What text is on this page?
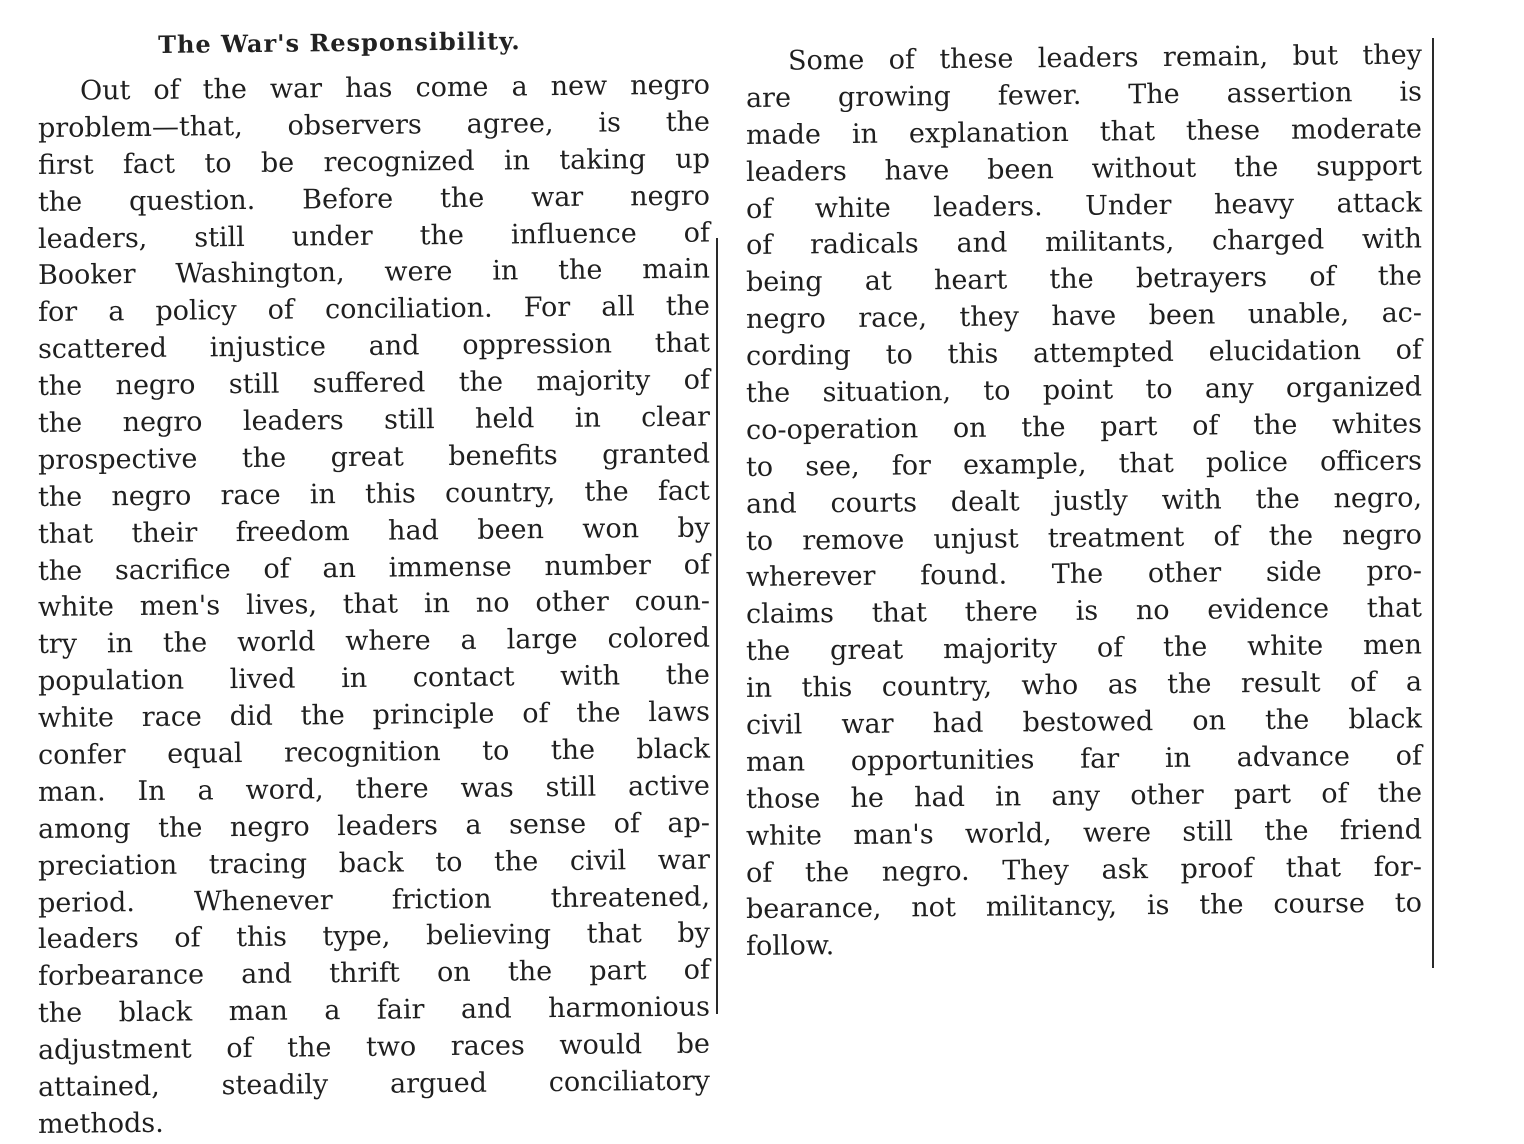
The War's Responsibility.
Out of the war has come a new negro
problem—that, observers agree, is the
first fact to be recognized in taking up
the question. Before the war negro
leaders, still under the influence of
Booker Washington, were in the main
for a policy of conciliation. For all the
scattered injustice and oppression that
the negro still suffered the majority of
the negro leaders still held in clear
prospective the great benefits granted
the negro race in this country, the fact
that their freedom had been won by
the sacrifice of an immense number of
white men's lives, that in no other coun-
try in the world where a large colored
population lived in contact with the
white race did the principle of the laws
confer equal recognition to the black
man. In a word, there was still active
among the negro leaders a sense of ap-
preciation tracing back to the civil war
period. Whenever friction threatened,
leaders of this type, believing that by
forbearance and thrift on the part of
the black man a fair and harmonious
adjustment of the two races would be
attained, steadily argued conciliatory
methods.
Some of these leaders remain, but they
are growing fewer. The assertion is
made in explanation that these moderate
leaders have been without the support
of white leaders. Under heavy attack
of radicals and militants, charged with
being at heart the betrayers of the
negro race, they have been unable, ac-
cording to this attempted elucidation of
the situation, to point to any organized
co-operation on the part of the whites
to see, for example, that police officers
and courts dealt justly with the negro,
to remove unjust treatment of the negro
wherever found. The other side pro-
claims that there is no evidence that
the great majority of the white men
in this country, who as the result of a
civil war had bestowed on the black
man opportunities far in advance of
those he had in any other part of the
white man's world, were still the friend
of the negro. They ask proof that for-
bearance, not militancy, is the course to
follow.
